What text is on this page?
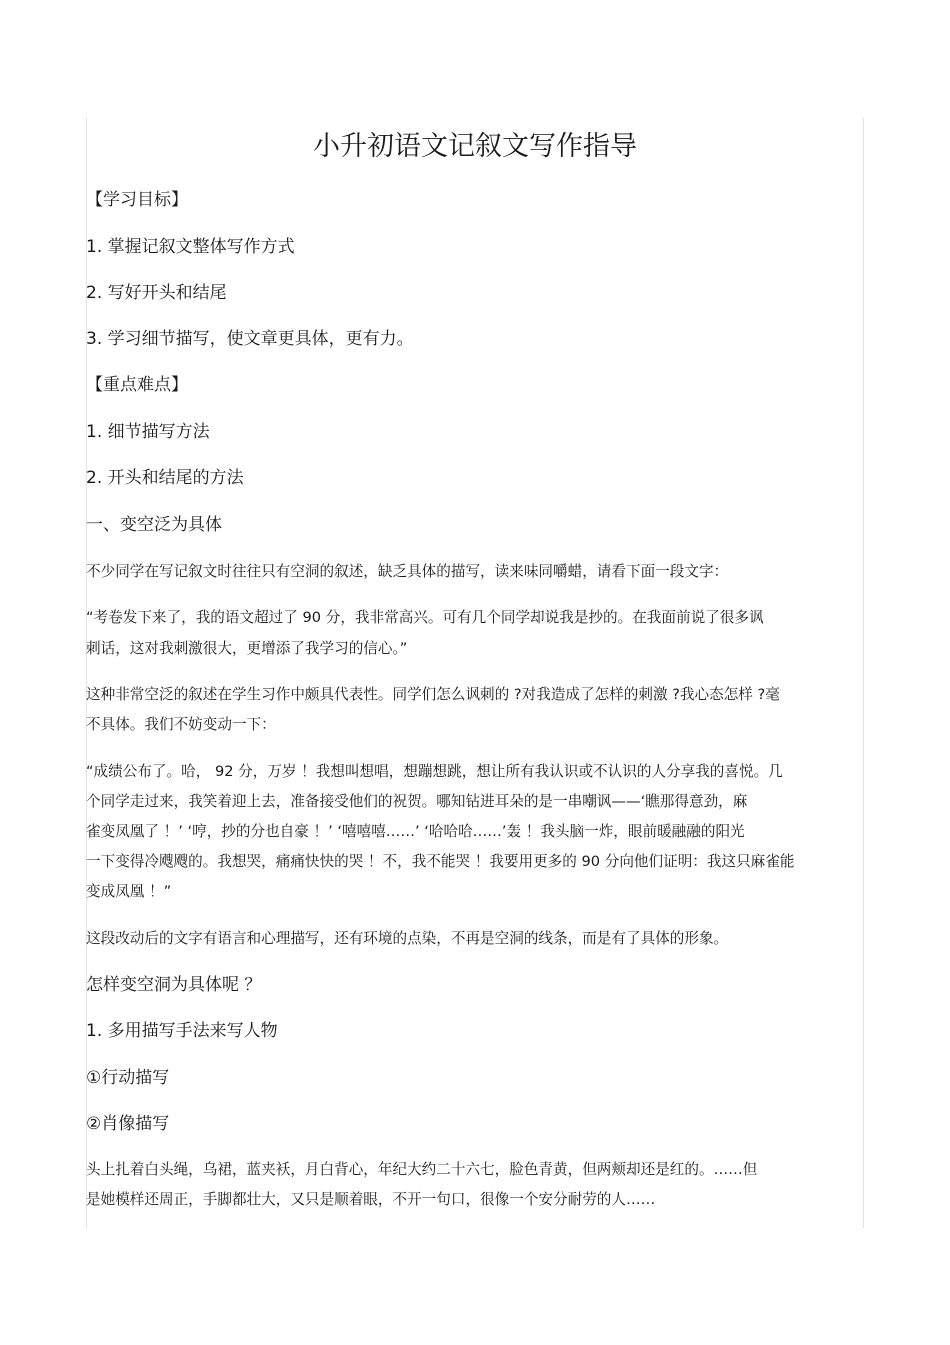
小升初语文记叙文写作指导
【学习目标】
1. 掌握记叙文整体写作方式
2. 写好开头和结尾
3. 学习细节描写，使文章更具体，更有力。
【重点难点】
1. 细节描写方法
2. 开头和结尾的方法
一、变空泛为具体
不少同学在写记叙文时往往只有空洞的叙述，缺乏具体的描写，读来味同嚼蜡，请看下面一段文字：
“考卷发下来了，我的语文超过了 90 分，我非常高兴。可有几个同学却说我是抄的。在我面前说了很多讽
刺话，这对我刺激很大，更增添了我学习的信心。”
这种非常空泛的叙述在学生习作中颇具代表性。同学们怎么讽刺的 ?对我造成了怎样的刺激 ?我心态怎样 ?毫
不具体。我们不妨变动一下：
“成绩公布了。哈， 92 分，万岁 ！我想叫想唱，想蹦想跳，想让所有我认识或不认识的人分享我的喜悦。几
个同学走过来，我笑着迎上去，准备接受他们的祝贺。哪知钻进耳朵的是一串嘲讽——‘瞧那得意劲，麻
雀变凤凰了 ！’ ‘哼，抄的分也自豪 ！’ ‘嘻嘻嘻……’ ‘哈哈哈……’轰 ！我头脑一炸，眼前暖融融的阳光
一下变得冷飕飕的。我想哭，痛痛快快的哭 ！不，我不能哭 ！我要用更多的 90 分向他们证明：我这只麻雀能
变成凤凰 ！”
这段改动后的文字有语言和心理描写，还有环境的点染，不再是空洞的线条，而是有了具体的形象。
怎样变空洞为具体呢 ？
1. 多用描写手法来写人物
①行动描写
②肖像描写
头上扎着白头绳，乌裙，蓝夹袄，月白背心，年纪大约二十六七，脸色青黄，但两颊却还是红的。……但
是她模样还周正，手脚都壮大，又只是顺着眼，不开一句口，很像一个安分耐劳的人……
